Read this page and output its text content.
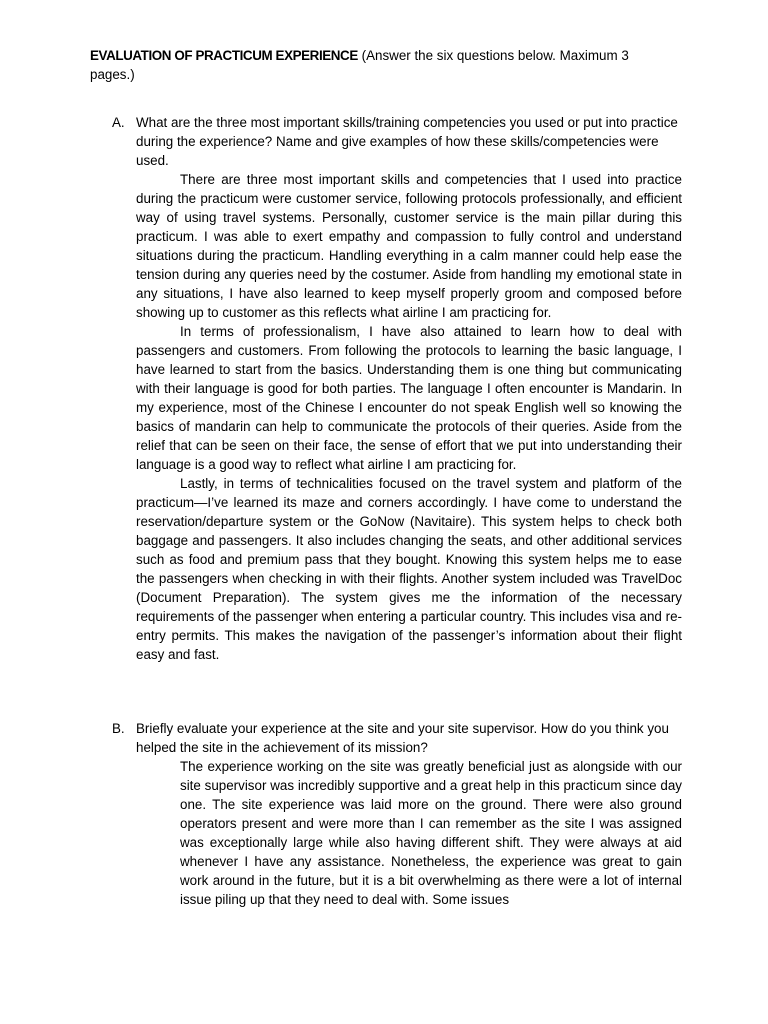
EVALUATION OF PRACTICUM EXPERIENCE (Answer the six questions below. Maximum 3 pages.)
A. What are the three most important skills/training competencies you used or put into practice during the experience? Name and give examples of how these skills/competencies were used.

There are three most important skills and competencies that I used into practice during the practicum were customer service, following protocols professionally, and efficient way of using travel systems. Personally, customer service is the main pillar during this practicum. I was able to exert empathy and compassion to fully control and understand situations during the practicum. Handling everything in a calm manner could help ease the tension during any queries need by the costumer. Aside from handling my emotional state in any situations, I have also learned to keep myself properly groom and composed before showing up to customer as this reflects what airline I am practicing for.

In terms of professionalism, I have also attained to learn how to deal with passengers and customers. From following the protocols to learning the basic language, I have learned to start from the basics. Understanding them is one thing but communicating with their language is good for both parties. The language I often encounter is Mandarin. In my experience, most of the Chinese I encounter do not speak English well so knowing the basics of mandarin can help to communicate the protocols of their queries. Aside from the relief that can be seen on their face, the sense of effort that we put into understanding their language is a good way to reflect what airline I am practicing for.

Lastly, in terms of technicalities focused on the travel system and platform of the practicum—I’ve learned its maze and corners accordingly. I have come to understand the reservation/departure system or the GoNow (Navitaire). This system helps to check both baggage and passengers. It also includes changing the seats, and other additional services such as food and premium pass that they bought. Knowing this system helps me to ease the passengers when checking in with their flights. Another system included was TravelDoc (Document Preparation). The system gives me the information of the necessary requirements of the passenger when entering a particular country. This includes visa and re-entry permits. This makes the navigation of the passenger’s information about their flight easy and fast.

B. Briefly evaluate your experience at the site and your site supervisor. How do you think you helped the site in the achievement of its mission?

The experience working on the site was greatly beneficial just as alongside with our site supervisor was incredibly supportive and a great help in this practicum since day one. The site experience was laid more on the ground. There were also ground operators present and were more than I can remember as the site I was assigned was exceptionally large while also having different shift. They were always at aid whenever I have any assistance. Nonetheless, the experience was great to gain work around in the future, but it is a bit overwhelming as there were a lot of internal issue piling up that they need to deal with. Some issues
